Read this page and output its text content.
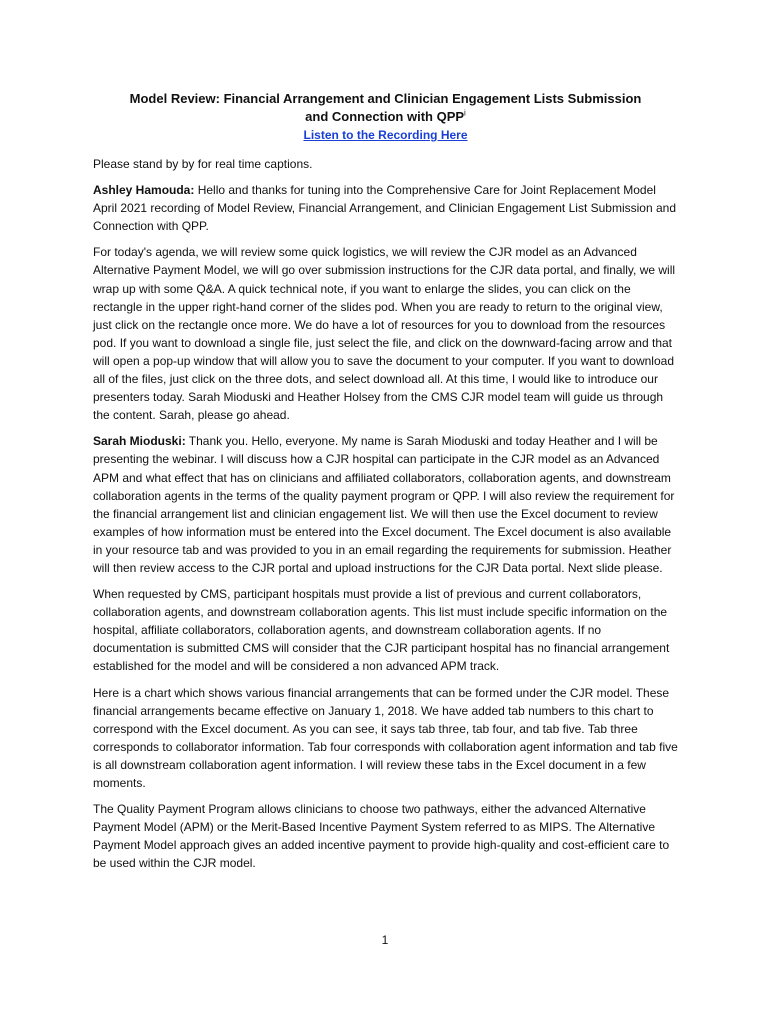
Model Review: Financial Arrangement and Clinician Engagement Lists Submission
and Connection with QPP$^i$
Listen to the Recording Here

Please stand by by for real time captions.

Ashley Hamouda: Hello and thanks for tuning into the Comprehensive Care for Joint Replacement Model April 2021 recording of Model Review, Financial Arrangement, and Clinician Engagement List Submission and Connection with QPP.

For today's agenda, we will review some quick logistics, we will review the CJR model as an Advanced Alternative Payment Model, we will go over submission instructions for the CJR data portal, and finally, we will wrap up with some Q&A. A quick technical note, if you want to enlarge the slides, you can click on the rectangle in the upper right-hand corner of the slides pod. When you are ready to return to the original view, just click on the rectangle once more. We do have a lot of resources for you to download from the resources pod. If you want to download a single file, just select the file, and click on the downward-facing arrow and that will open a pop-up window that will allow you to save the document to your computer. If you want to download all of the files, just click on the three dots, and select download all. At this time, I would like to introduce our presenters today. Sarah Mioduski and Heather Holsey from the CMS CJR model team will guide us through the content. Sarah, please go ahead.

Sarah Mioduski: Thank you. Hello, everyone. My name is Sarah Mioduski and today Heather and I will be presenting the webinar. I will discuss how a CJR hospital can participate in the CJR model as an Advanced APM and what effect that has on clinicians and affiliated collaborators, collaboration agents, and downstream collaboration agents in the terms of the quality payment program or QPP. I will also review the requirement for the financial arrangement list and clinician engagement list. We will then use the Excel document to review examples of how information must be entered into the Excel document. The Excel document is also available in your resource tab and was provided to you in an email regarding the requirements for submission. Heather will then review access to the CJR portal and upload instructions for the CJR Data portal. Next slide please.

When requested by CMS, participant hospitals must provide a list of previous and current collaborators, collaboration agents, and downstream collaboration agents. This list must include specific information on the hospital, affiliate collaborators, collaboration agents, and downstream collaboration agents. If no documentation is submitted CMS will consider that the CJR participant hospital has no financial arrangement established for the model and will be considered a non advanced APM track.

Here is a chart which shows various financial arrangements that can be formed under the CJR model. These financial arrangements became effective on January 1, 2018. We have added tab numbers to this chart to correspond with the Excel document. As you can see, it says tab three, tab four, and tab five. Tab three corresponds to collaborator information. Tab four corresponds with collaboration agent information and tab five is all downstream collaboration agent information. I will review these tabs in the Excel document in a few moments.

The Quality Payment Program allows clinicians to choose two pathways, either the advanced Alternative Payment Model (APM) or the Merit-Based Incentive Payment System referred to as MIPS. The Alternative Payment Model approach gives an added incentive payment to provide high-quality and cost-efficient care to be used within the CJR model.

1
